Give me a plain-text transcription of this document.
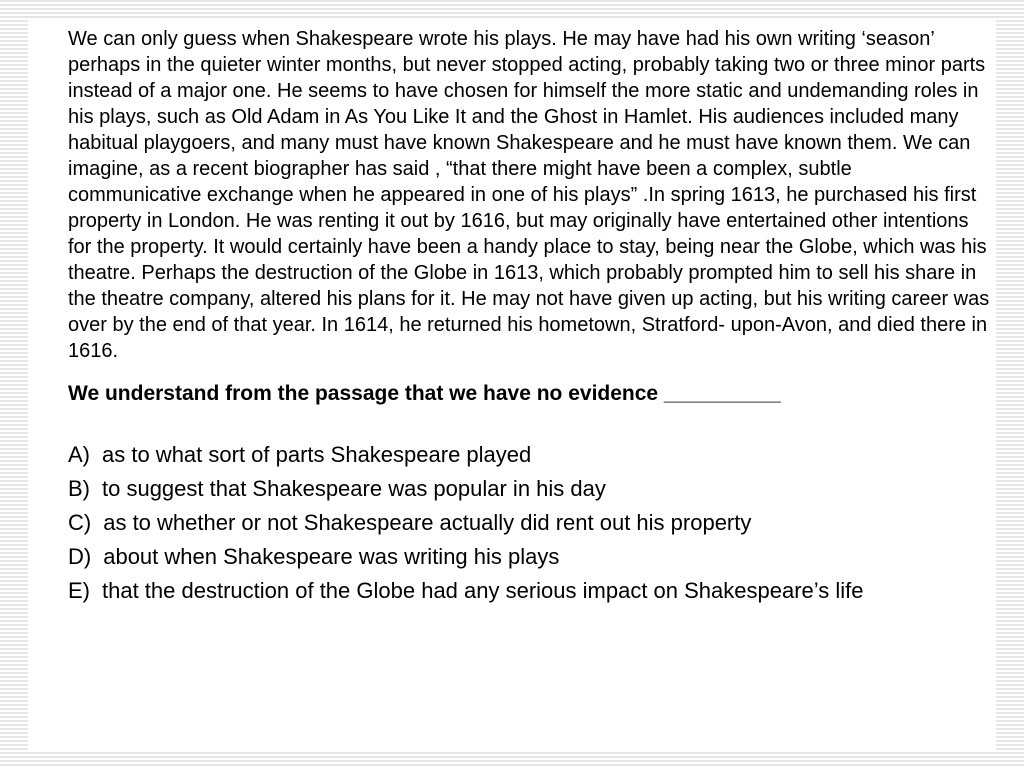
We can only guess when Shakespeare wrote his plays. He may have had his own writing ‘season’ perhaps in the quieter winter months, but never stopped acting, probably taking two or three minor parts instead of a major one. He seems to have chosen for himself the more static and undemanding roles in his plays, such as Old Adam in As You Like It and the Ghost in Hamlet. His audiences included many habitual playgoers, and many must have known Shakespeare and he must have known them. We can imagine, as a recent biographer has said , “that there might have been a complex, subtle communicative exchange when he appeared in one of his plays” .In spring 1613, he purchased his first property in London. He was renting it out by 1616, but may originally have entertained other intentions for the property. It would certainly have been a handy place to stay, being near the Globe, which was his theatre. Perhaps the destruction of the Globe in 1613, which probably prompted him to sell his share in the theatre company, altered his plans for it. He may not have given up acting, but his writing career was over by the end of that year. In 1614, he returned his hometown, Stratford- upon-Avon, and died there in 1616.

We understand from the passage that we have no evidence __________

A) as to what sort of parts Shakespeare played
B) to suggest that Shakespeare was popular in his day
C) as to whether or not Shakespeare actually did rent out his property
D) about when Shakespeare was writing his plays
E) that the destruction of the Globe had any serious impact on Shakespeare’s life
